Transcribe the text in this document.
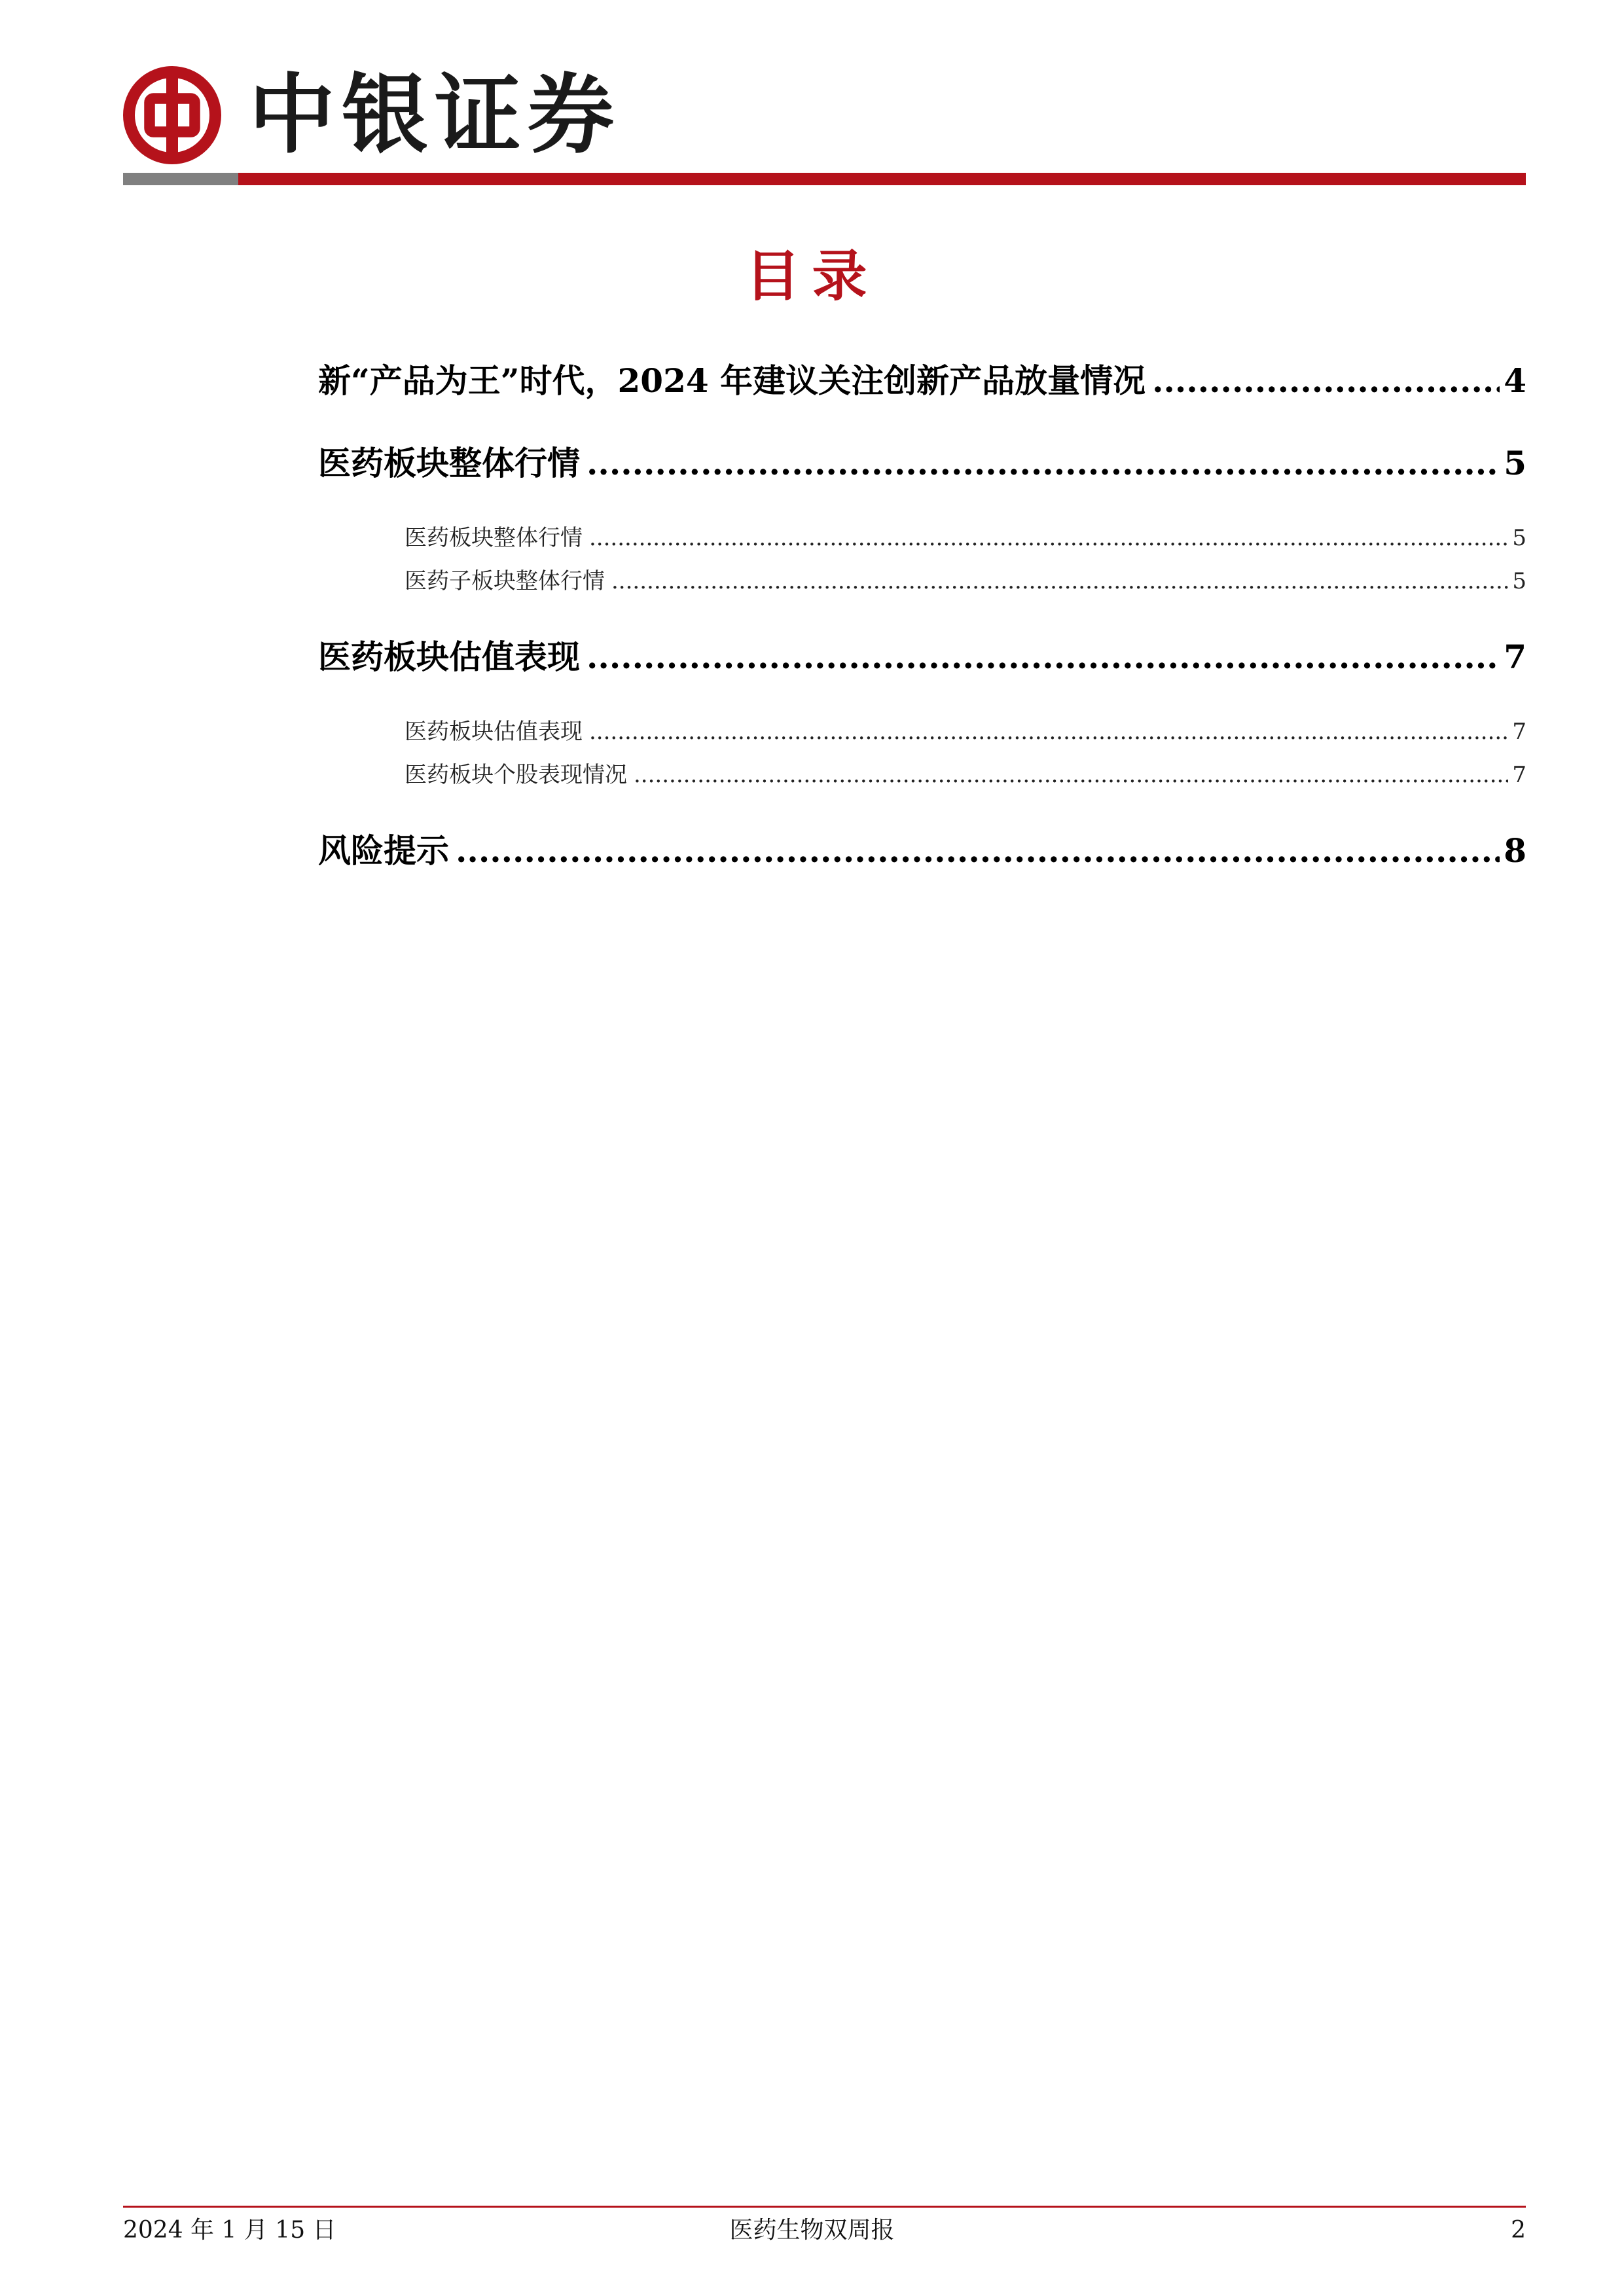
中银证券
目录
新“产品为王”时代，2024 年建议关注创新产品放量情况 .....	4
医药板块整体行情 .....	5
医药板块整体行情 .....	5
医药子板块整体行情 .....	5
医药板块估值表现 .....	7
医药板块估值表现 .....	7
医药板块个股表现情况 .....	7
风险提示 .....	8
2024 年 1 月 15 日	医药生物双周报	2
